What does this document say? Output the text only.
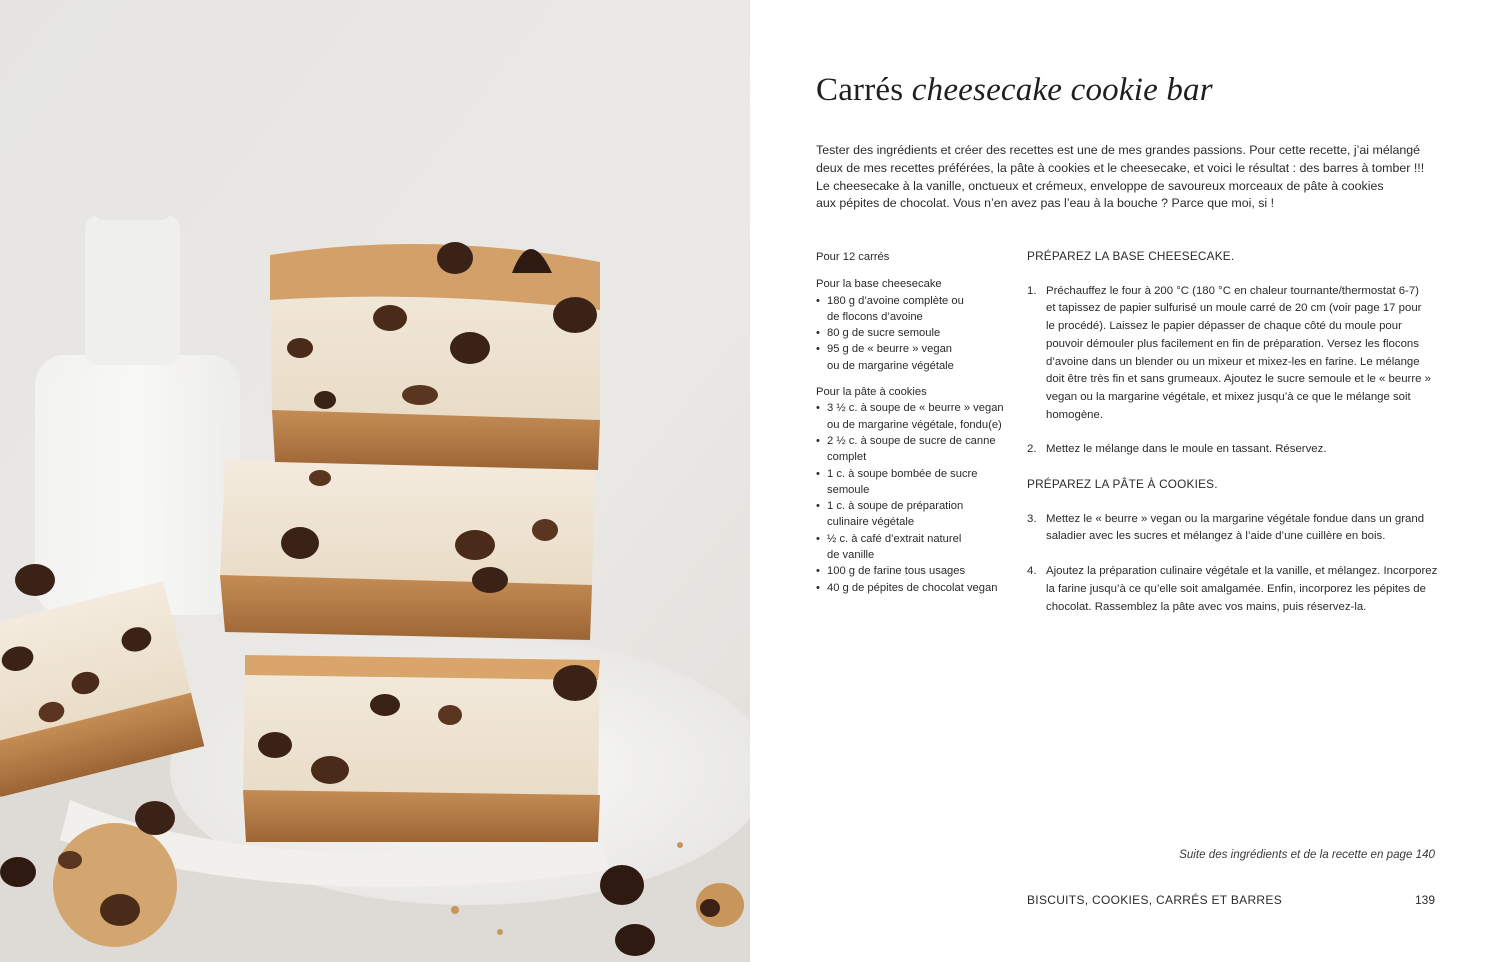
Carrés cheesecake cookie bar

Tester des ingrédients et créer des recettes est une de mes grandes passions. Pour cette recette, j’ai mélangé

deux de mes recettes préférées, la pâte à cookies et le cheesecake, et voici le résultat : des barres à tomber !!!

Le cheesecake à la vanille, onctueux et crémeux, enveloppe de savoureux morceaux de pâte à cookies

aux pépites de chocolat. Vous n’en avez pas l’eau à la bouche ? Parce que moi, si !

Pour 12 carrés
Pour la base cheesecake
• 180 g d’avoine complète ou
de flocons d’avoine
• 80 g de sucre semoule
• 95 g de « beurre » vegan
ou de margarine végétale
Pour la pâte à cookies
• 3 ½ c. à soupe de « beurre » vegan
ou de margarine végétale, fondu(e)
• 2 ½ c. à soupe de sucre de canne
complet
• 1 c. à soupe bombée de sucre
semoule
• 1 c. à soupe de préparation
culinaire végétale
• ½ c. à café d’extrait naturel
de vanille
• 100 g de farine tous usages
• 40 g de pépites de chocolat vegan
PRÉPAREZ LA BASE CHEESECAKE.
1. Préchauffez le four à 200 °C (180 °C en chaleur tournante/thermostat 6-7)
et tapissez de papier sulfurisé un moule carré de 20 cm (voir page 17 pour
le procédé). Laissez le papier dépasser de chaque côté du moule pour
pouvoir démouler plus facilement en fin de préparation. Versez les flocons
d’avoine dans un blender ou un mixeur et mixez-les en farine. Le mélange
doit être très fin et sans grumeaux. Ajoutez le sucre semoule et le « beurre »
vegan ou la margarine végétale, et mixez jusqu’à ce que le mélange soit
homogène.
2. Mettez le mélange dans le moule en tassant. Réservez.
PRÉPAREZ LA PÂTE À COOKIES.
3. Mettez le « beurre » vegan ou la margarine végétale fondue dans un grand
saladier avec les sucres et mélangez à l’aide d’une cuillère en bois.
4. Ajoutez la préparation culinaire végétale et la vanille, et mélangez. Incorporez
la farine jusqu’à ce qu’elle soit amalgamée. Enfin, incorporez les pépites de
chocolat. Rassemblez la pâte avec vos mains, puis réservez-la.
Suite des ingrédients et de la recette en page 140
BISCUITS, COOKIES, CARRÉS ET BARRES	139
